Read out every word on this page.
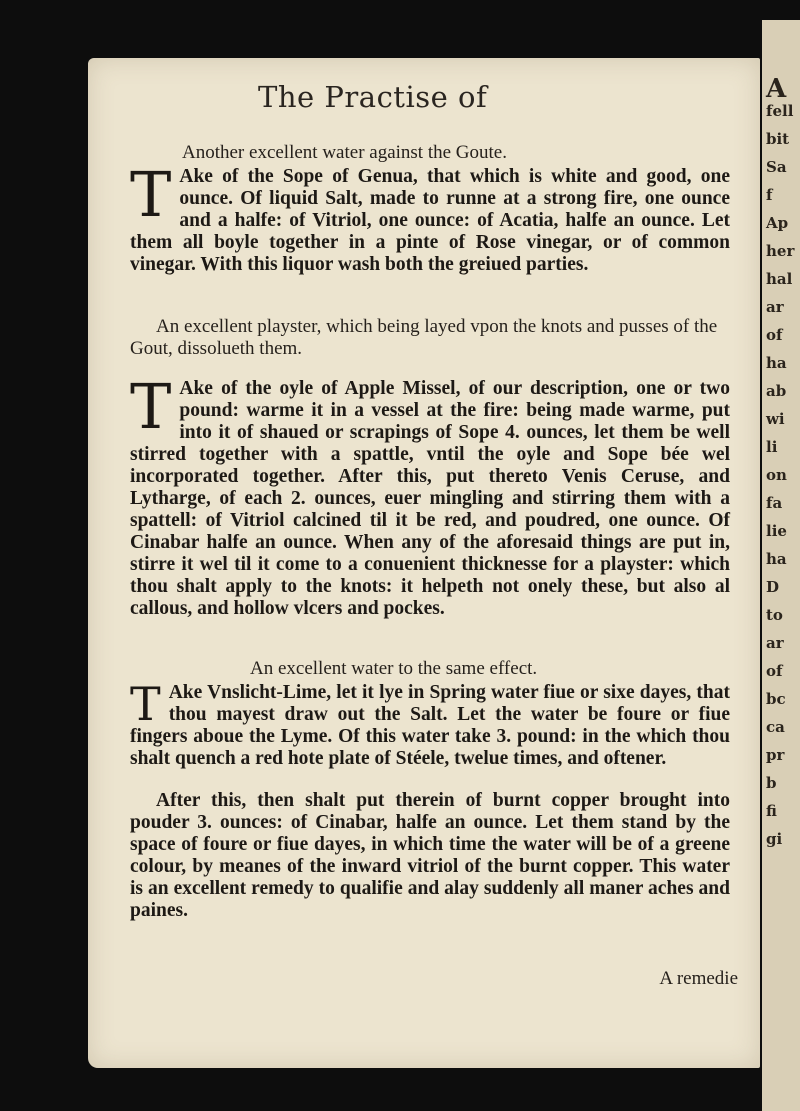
A
fell
bit
Sa
f
Ap
her
hal
ar
of
ha
ab
wi
li
on
fa
lie
ha
D
to
ar
of
bc
ca
pr
b
fi
gi
The Practise of
Another excellent water against the Goute.
T Ake of the Sope of Genua, that which is white and good, one ounce. Of liquid Salt, made to runne at a strong fire, one ounce and a halfe: of Vitriol, one ounce: of Acatia, halfe an ounce. Let them all boyle together in a pinte of Rose vinegar, or of common vinegar. With this liquor wash both the greiued parties.
An excellent playster, which being layed vpon the knots and pusses of the Gout, dissolueth them.
T Ake of the oyle of Apple Missel, of our description, one or two pound: warme it in a vessel at the fire: being made warme, put into it of shaued or scrapings of Sope 4. ounces, let them be well stirred together with a spattle, vntil the oyle and Sope bée wel incorporated together. After this, put thereto Venis Ceruse, and Lytharge, of each 2. ounces, euer mingling and stirring them with a spattell: of Vitriol calcined til it be red, and poudred, one ounce. Of Cinabar halfe an ounce. When any of the aforesaid things are put in, stirre it wel til it come to a conuenient thicknesse for a playster: which thou shalt apply to the knots: it helpeth not onely these, but also al callous, and hollow vlcers and pockes.
An excellent water to the same effect.
T Ake Vnslicht-Lime, let it lye in Spring water fiue or sixe dayes, that thou mayest draw out the Salt. Let the water be foure or fiue fingers aboue the Lyme. Of this water take 3. pound: in the which thou shalt quench a red hote plate of Stéele, twelue times, and oftener.
After this, then shalt put therein of burnt copper brought into pouder 3. ounces: of Cinabar, halfe an ounce. Let them stand by the space of foure or fiue dayes, in which time the water will be of a greene colour, by meanes of the inward vitriol of the burnt copper. This water is an excellent remedy to qualifie and alay suddenly all maner aches and paines.
A remedie
